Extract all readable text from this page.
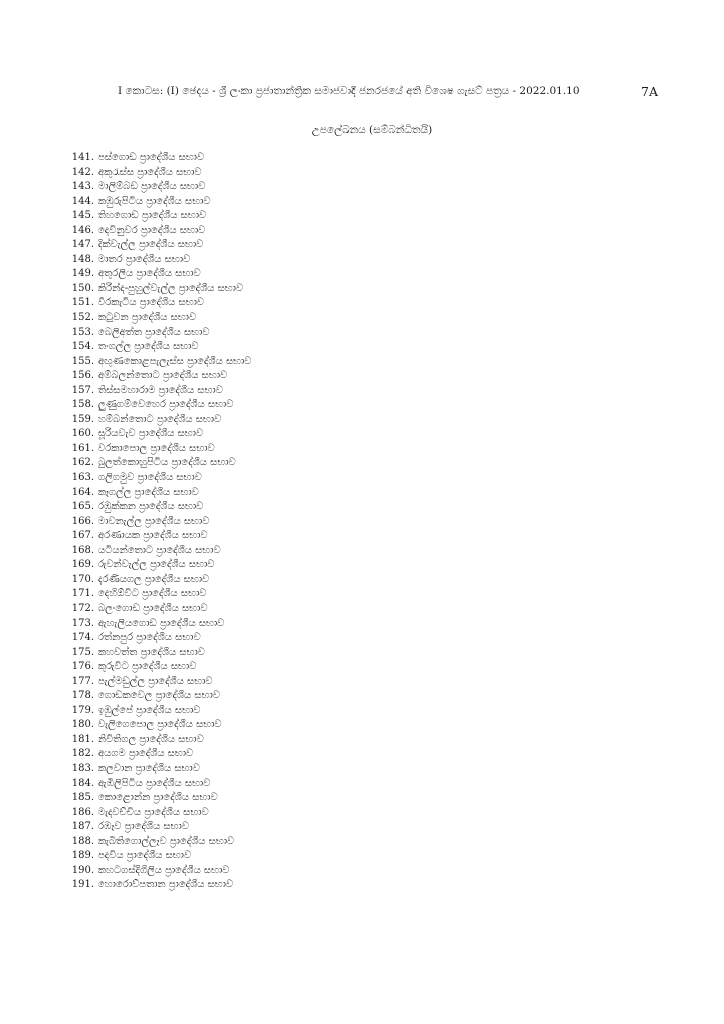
I කොටස: (I) ඡෙදය - ශ්‍රී ලංකා ප්‍රජාතාන්ත්‍රික සමාජවාදී ජනරජයේ අති විශෙෂ ගැසට් පත්‍රය - 2022.01.10	7A
උපලේඛනය (සම්බන්ධිතයි)
141. පස්ගොඩ ප්‍රාදේශීය සභාව
142. අකුරැස්ස ප්‍රාදේශීය සභාව
143. මාලිම්බඩ ප්‍රාදේශීය සභාව
144. කඹුරුපිටිය ප්‍රාදේශීය සභාව
145. තිහගොඩ ප්‍රාදේශීය සභාව
146. දෙවිනුවර ප්‍රාදේශීය සභාව
147. දික්වැල්ල ප්‍රාදේශීය සභාව
148. මාතර ප්‍රාදේශීය සභාව
149. අතුරලිය ප්‍රාදේශීය සභාව
150. කිරින්ද-පුහුල්වැල්ල ප්‍රාදේශීය සභාව
151. වීරකැටිය ප්‍රාදේශීය සභාව
152. කටුවන ප්‍රාදේශීය සභාව
153. බෙලිඅත්ත ප්‍රාදේශීය සභාව
154. තංගල්ල ප්‍රාදේශීය සභාව
155. අඟුණකොළපැලැස්ස ප්‍රාදේශීය සභාව
156. අම්බලන්තොට ප්‍රාදේශීය සභාව
157. තිස්සමහාරාම ප්‍රාදේශීය සභාව
158. ලුණුගම්වෙහෙර ප්‍රාදේශීය සභාව
159. හම්බන්තොට ප්‍රාදේශීය සභාව
160. සූරියවැව ප්‍රාදේශීය සභාව
161. වරකාපොල ප්‍රාදේශීය සභාව
162. බුලත්කොහුපිටිය ප්‍රාදේශීය සභාව
163. ගලිගමුව ප්‍රාදේශීය සභාව
164. කෑගල්ල ප්‍රාදේශීය සභාව
165. රඹුක්කන ප්‍රාදේශීය සභාව
166. මාවනැල්ල ප්‍රාදේශීය සභාව
167. අරණායක ප්‍රාදේශීය සභාව
168. යටියන්තොට ප්‍රාදේශීය සභාව
169. රුවන්වැල්ල ප්‍රාදේශීය සභාව
170. දැරණියගල ප්‍රාදේශීය සභාව
171. දෙහිඕවිට ප්‍රාදේශීය සභාව
172. බලංගොඩ ප්‍රාදේශීය සභාව
173. ඇහැලියගොඩ ප්‍රාදේශීය සභාව
174. රත්නපුර ප්‍රාදේශීය සභාව
175. කහවත්ත ප්‍රාදේශීය සභාව
176. කුරුවිට ප්‍රාදේශීය සභාව
177. පැල්මඩුල්ල ප්‍රාදේශීය සභාව
178. ගොඩකවෙල ප්‍රාදේශීය සභාව
179. ඉඹුල්පේ ප්‍රාදේශීය සභාව
180. වැලිගෙපොල ප්‍රාදේශීය සභාව
181. නිවිතිගල ප්‍රාදේශීය සභාව
182. අයගම ප්‍රාදේශීය සභාව
183. කලවාන ප්‍රාදේශීය සභාව
184. ඇඹිලිපිටිය ප්‍රාදේශීය සභාව
185. කොළොන්න ප්‍රාදේශීය සභාව
186. මැදවච්චිය ප්‍රාදේශීය සභාව
187. රඹෑව ප්‍රාදේශීය සභාව
188. කැබිතිගොල්ලෑව ප්‍රාදේශීය සභාව
189. පදවිය ප්‍රාදේශීය සභාව
190. කහටගස්දිගිලිය ප්‍රාදේශීය සභාව
191. හොරොව්පතාන ප්‍රාදේශීය සභාව
